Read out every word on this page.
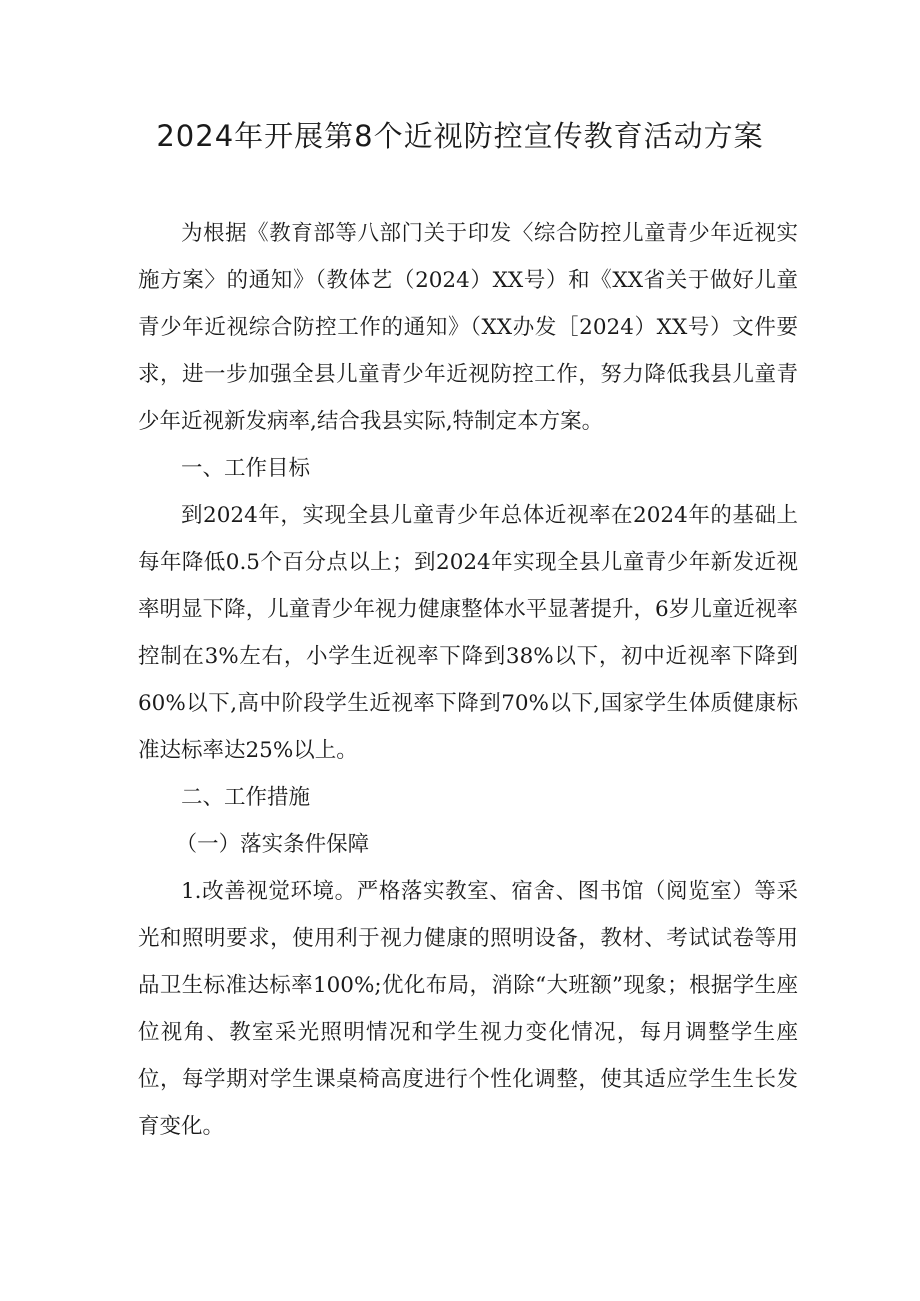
2024年开展第8个近视防控宣传教育活动方案

为根据《教育部等八部门关于印发〈综合防控儿童青少年近视实施方案〉的通知》（教体艺（2024）XX号）和《XX省关于做好儿童青少年近视综合防控工作的通知》（XX办发［2024）XX号）文件要求，进一步加强全县儿童青少年近视防控工作，努力降低我县儿童青少年近视新发病率,结合我县实际,特制定本方案。

一、工作目标

到2024年，实现全县儿童青少年总体近视率在2024年的基础上每年降低0.5个百分点以上；到2024年实现全县儿童青少年新发近视率明显下降，儿童青少年视力健康整体水平显著提升，6岁儿童近视率控制在3%左右，小学生近视率下降到38%以下，初中近视率下降到60%以下,高中阶段学生近视率下降到70%以下,国家学生体质健康标准达标率达25%以上。

二、工作措施

（一）落实条件保障

1.改善视觉环境。严格落实教室、宿舍、图书馆（阅览室）等采光和照明要求，使用利于视力健康的照明设备，教材、考试试卷等用品卫生标准达标率100%;优化布局，消除“大班额”现象；根据学生座位视角、教室采光照明情况和学生视力变化情况，每月调整学生座位，每学期对学生课桌椅高度进行个性化调整，使其适应学生生长发育变化。
